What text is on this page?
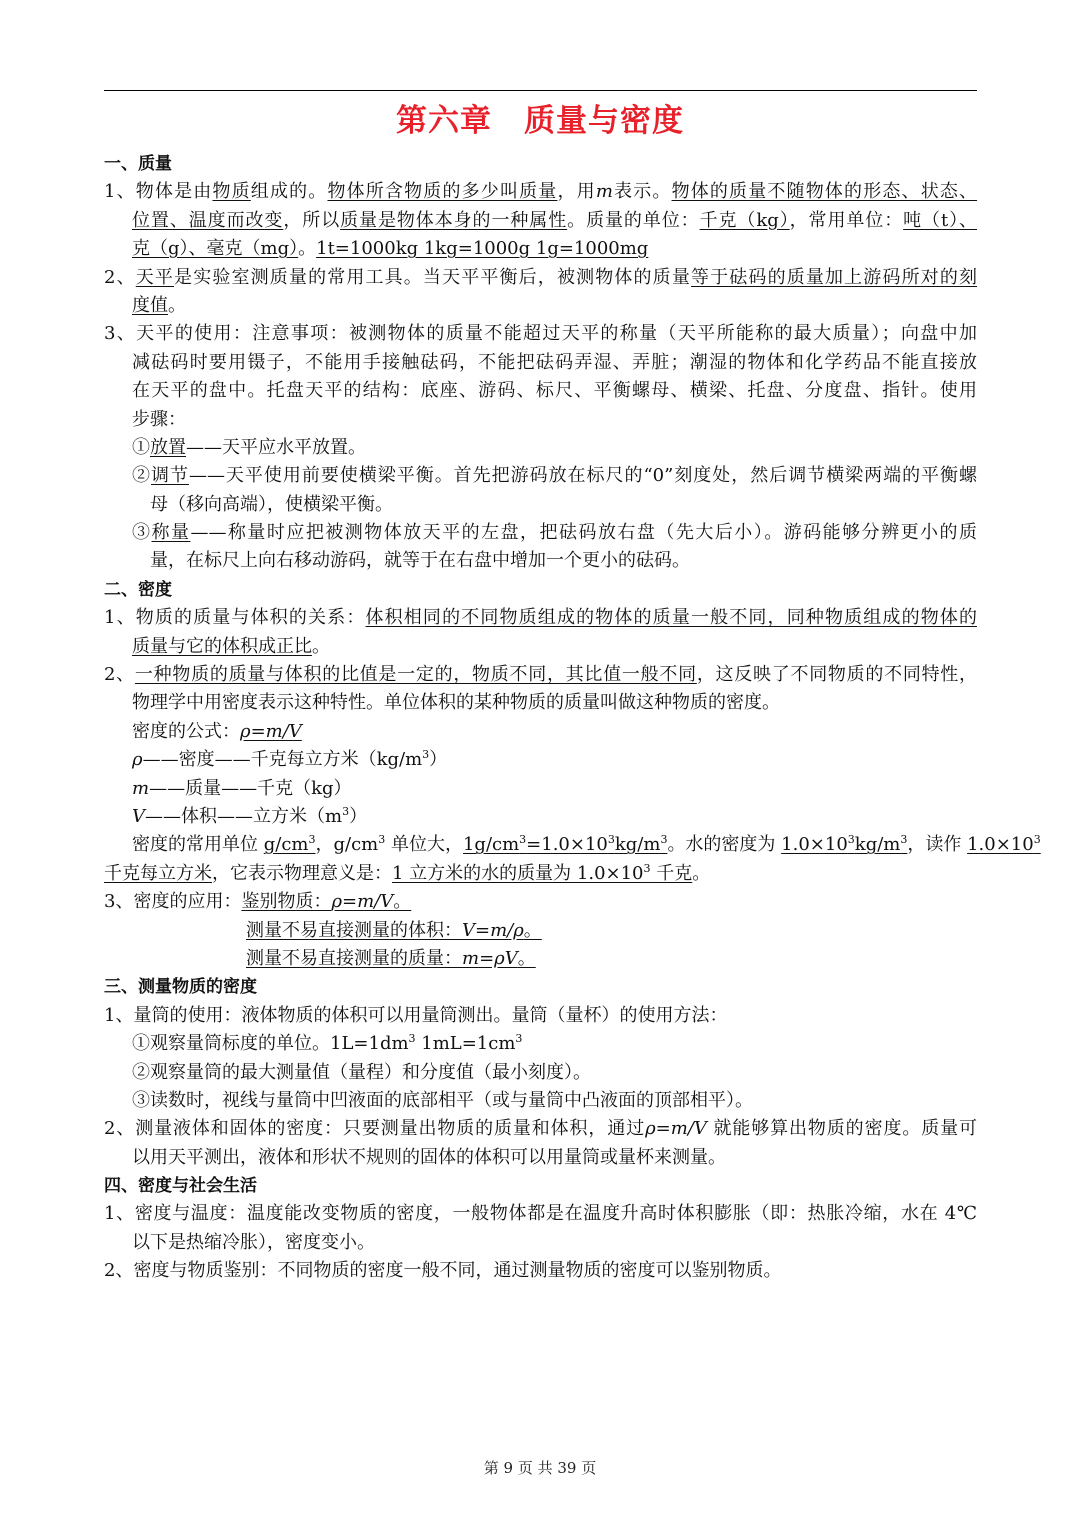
第六章　质量与密度
一、质量
1、物体是由物质组成的。物体所含物质的多少叫质量，用m表示。物体的质量不随物体的形态、状态、
位置、温度而改变，所以质量是物体本身的一种属性。质量的单位：千克（kg），常用单位：吨（t）、
克（g）、毫克（mg）。1t=1000kg 1kg=1000g 1g=1000mg
2、天平是实验室测质量的常用工具。当天平平衡后，被测物体的质量等于砝码的质量加上游码所对的刻
度值。
3、天平的使用：注意事项：被测物体的质量不能超过天平的称量（天平所能称的最大质量）；向盘中加
减砝码时要用镊子，不能用手接触砝码，不能把砝码弄湿、弄脏；潮湿的物体和化学药品不能直接放
在天平的盘中。托盘天平的结构：底座、游码、标尺、平衡螺母、横梁、托盘、分度盘、指针。使用
步骤：
①放置——天平应水平放置。
②调节——天平使用前要使横梁平衡。首先把游码放在标尺的“0”刻度处，然后调节横梁两端的平衡螺
母（移向高端），使横梁平衡。
③称量——称量时应把被测物体放天平的左盘，把砝码放右盘（先大后小）。游码能够分辨更小的质
量，在标尺上向右移动游码，就等于在右盘中增加一个更小的砝码。
二、密度
1、物质的质量与体积的关系：体积相同的不同物质组成的物体的质量一般不同，同种物质组成的物体的
质量与它的体积成正比。
2、一种物质的质量与体积的比值是一定的，物质不同，其比值一般不同，这反映了不同物质的不同特性，
物理学中用密度表示这种特性。单位体积的某种物质的质量叫做这种物质的密度。
密度的公式：ρ=m/V
ρ——密度——千克每立方米$(kg/m^3)$
m——质量——千克（kg）
V——体积——立方米$(m^3)$
密度的常用单位 $g/cm^3$，$g/cm^3$ 单位大，$1g/cm^3=1.0\times 10^3kg/m^3$。水的密度为 $1.0\times 10^3kg/m^3$，读作 $1.0\times 10^3$
千克每立方米，它表示物理意义是：1 立方米的水的质量为 $1.0\times 10^3$ 千克。
3、密度的应用：鉴别物质：ρ=m/V。
测量不易直接测量的体积：V=m/ρ。
测量不易直接测量的质量：m=ρV。
三、测量物质的密度
1、量筒的使用：液体物质的体积可以用量筒测出。量筒（量杯）的使用方法：
①观察量筒标度的单位。$1L=1dm^3$ $1mL=1cm^3$
②观察量筒的最大测量值（量程）和分度值（最小刻度）。
③读数时，视线与量筒中凹液面的底部相平（或与量筒中凸液面的顶部相平）。
2、测量液体和固体的密度：只要测量出物质的质量和体积，通过ρ=m/V 就能够算出物质的密度。质量可
以用天平测出，液体和形状不规则的固体的体积可以用量筒或量杯来测量。
四、密度与社会生活
1、密度与温度：温度能改变物质的密度，一般物体都是在温度升高时体积膨胀（即：热胀冷缩，水在 4℃
以下是热缩冷胀），密度变小。
2、密度与物质鉴别：不同物质的密度一般不同，通过测量物质的密度可以鉴别物质。
第 9 页 共 39 页
